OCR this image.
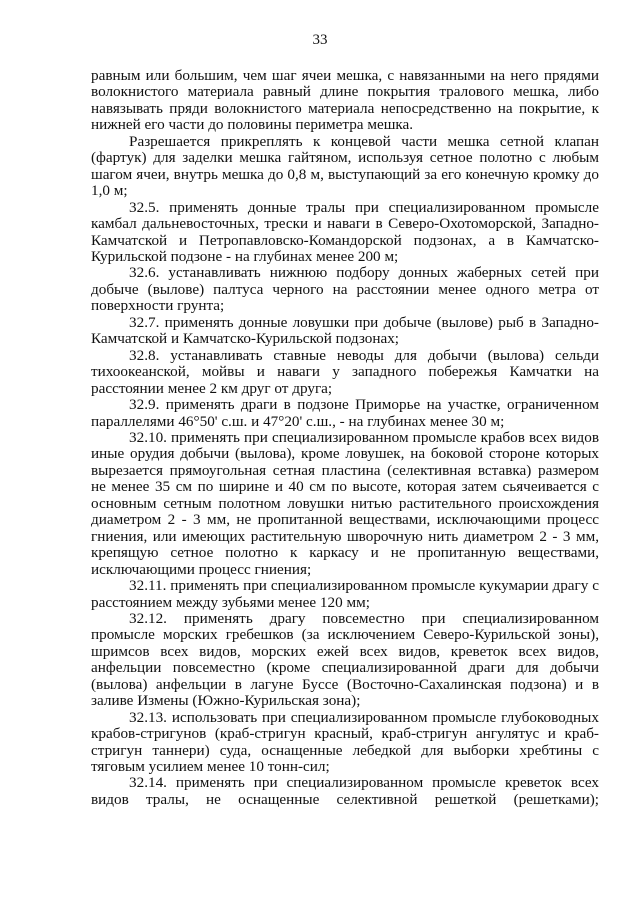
33

равным или большим, чем шаг ячеи мешка, с навязанными на него прядями волокнистого материала равный длине покрытия тралового мешка, либо навязывать пряди волокнистого материала непосредственно на покрытие, к нижней его части до половины периметра мешка.

Разрешается прикреплять к концевой части мешка сетной клапан (фартук) для заделки мешка гайтяном, используя сетное полотно с любым шагом ячеи, внутрь мешка до 0,8 м, выступающий за его конечную кромку до 1,0 м;

32.5. применять донные тралы при специализированном промысле камбал дальневосточных, трески и наваги в Северо-Охотоморской, Западно-Камчатской и Петропавловско-Командорской подзонах, а в Камчатско-Курильской подзоне - на глубинах менее 200 м;

32.6. устанавливать нижнюю подбору донных жаберных сетей при добыче (вылове) палтуса черного на расстоянии менее одного метра от поверхности грунта;

32.7. применять донные ловушки при добыче (вылове) рыб в Западно-Камчатской и Камчатско-Курильской подзонах;

32.8. устанавливать ставные неводы для добычи (вылова) сельди тихоокеанской, мойвы и наваги у западного побережья Камчатки на расстоянии менее 2 км друг от друга;

32.9. применять драги в подзоне Приморье на участке, ограниченном параллелями 46°50' с.ш. и 47°20' с.ш., - на глубинах менее 30 м;

32.10. применять при специализированном промысле крабов всех видов иные орудия добычи (вылова), кроме ловушек, на боковой стороне которых вырезается прямоугольная сетная пластина (селективная вставка) размером не менее 35 см по ширине и 40 см по высоте, которая затем сьячеивается с основным сетным полотном ловушки нитью растительного происхождения диаметром 2 - 3 мм, не пропитанной веществами, исключающими процесс гниения, или имеющих растительную шворочную нить диаметром 2 - 3 мм, крепящую сетное полотно к каркасу и не пропитанную веществами, исключающими процесс гниения;

32.11. применять при специализированном промысле кукумарии драгу с расстоянием между зубьями менее 120 мм;

32.12. применять драгу повсеместно при специализированном промысле морских гребешков (за исключением Северо-Курильской зоны), шримсов всех видов, морских ежей всех видов, креветок всех видов, анфельции повсеместно (кроме специализированной драги для добычи (вылова) анфельции в лагуне Буссе (Восточно-Сахалинская подзона) и в заливе Измены (Южно-Курильская зона);

32.13. использовать при специализированном промысле глубоководных крабов-стригунов (краб-стригун красный, краб-стригун ангулятус и краб-стригун таннери) суда, оснащенные лебедкой для выборки хребтины с тяговым усилием менее 10 тонн-сил;

32.14. применять при специализированном промысле креветок всех видов тралы, не оснащенные селективной решеткой (решетками);
